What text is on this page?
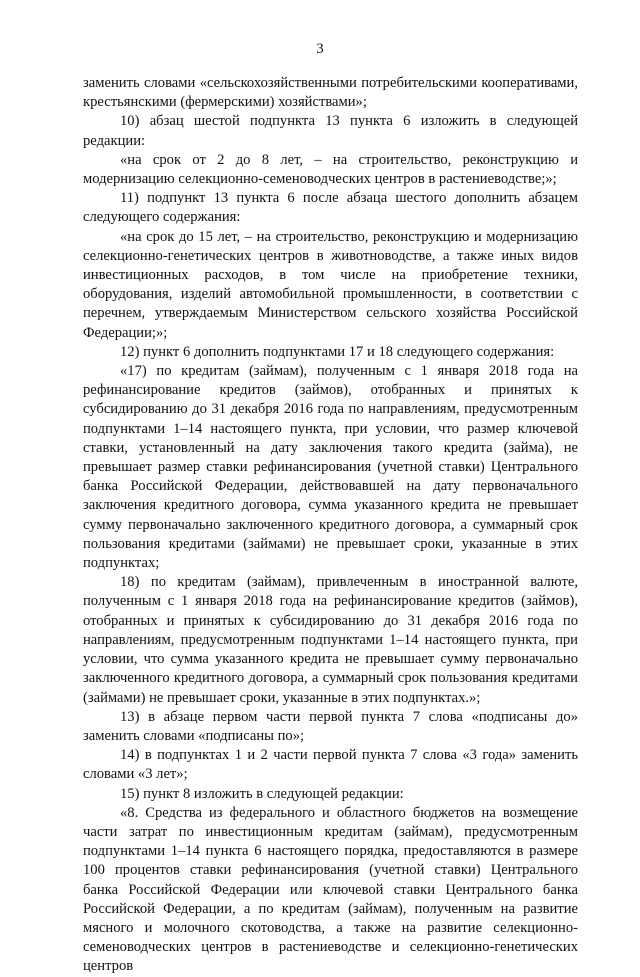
3

заменить словами «сельскохозяйственными потребительскими кооперативами, крестьянскими (фермерскими) хозяйствами»;

10) абзац шестой подпункта 13 пункта 6 изложить в следующей редакции:

«на срок от 2 до 8 лет, – на строительство, реконструкцию и модернизацию селекционно-семеноводческих центров в растениеводстве;»;

11) подпункт 13 пункта 6 после абзаца шестого дополнить абзацем следующего содержания:

«на срок до 15 лет, – на строительство, реконструкцию и модернизацию селекционно-генетических центров в животноводстве, а также иных видов инвестиционных расходов, в том числе на приобретение техники, оборудования, изделий автомобильной промышленности, в соответствии с перечнем, утверждаемым Министерством сельского хозяйства Российской Федерации;»;

12) пункт 6 дополнить подпунктами 17 и 18 следующего содержания:

«17) по кредитам (займам), полученным с 1 января 2018 года на рефинансирование кредитов (займов), отобранных и принятых к субсидированию до 31 декабря 2016 года по направлениям, предусмотренным подпунктами 1–14 настоящего пункта, при условии, что размер ключевой ставки, установленный на дату заключения такого кредита (займа), не превышает размер ставки рефинансирования (учетной ставки) Центрального банка Российской Федерации, действовавшей на дату первоначального заключения кредитного договора, сумма указанного кредита не превышает сумму первоначально заключенного кредитного договора, а суммарный срок пользования кредитами (займами) не превышает сроки, указанные в этих подпунктах;

18) по кредитам (займам), привлеченным в иностранной валюте, полученным с 1 января 2018 года на рефинансирование кредитов (займов), отобранных и принятых к субсидированию до 31 декабря 2016 года по направлениям, предусмотренным подпунктами 1–14 настоящего пункта, при условии, что сумма указанного кредита не превышает сумму первоначально заключенного кредитного договора, а суммарный срок пользования кредитами (займами) не превышает сроки, указанные в этих подпунктах.»;

13) в абзаце первом части первой пункта 7 слова «подписаны до» заменить словами «подписаны по»;

14) в подпунктах 1 и 2 части первой пункта 7 слова «3 года» заменить словами «3 лет»;

15) пункт 8 изложить в следующей редакции:

«8. Средства из федерального и областного бюджетов на возмещение части затрат по инвестиционным кредитам (займам), предусмотренным подпунктами 1–14 пункта 6 настоящего порядка, предоставляются в размере 100 процентов ставки рефинансирования (учетной ставки) Центрального банка Российской Федерации или ключевой ставки Центрального банка Российской Федерации, а по кредитам (займам), полученным на развитие мясного и молочного скотоводства, а также на развитие селекционно-семеноводческих центров в растениеводстве и селекционно-генетических центров
